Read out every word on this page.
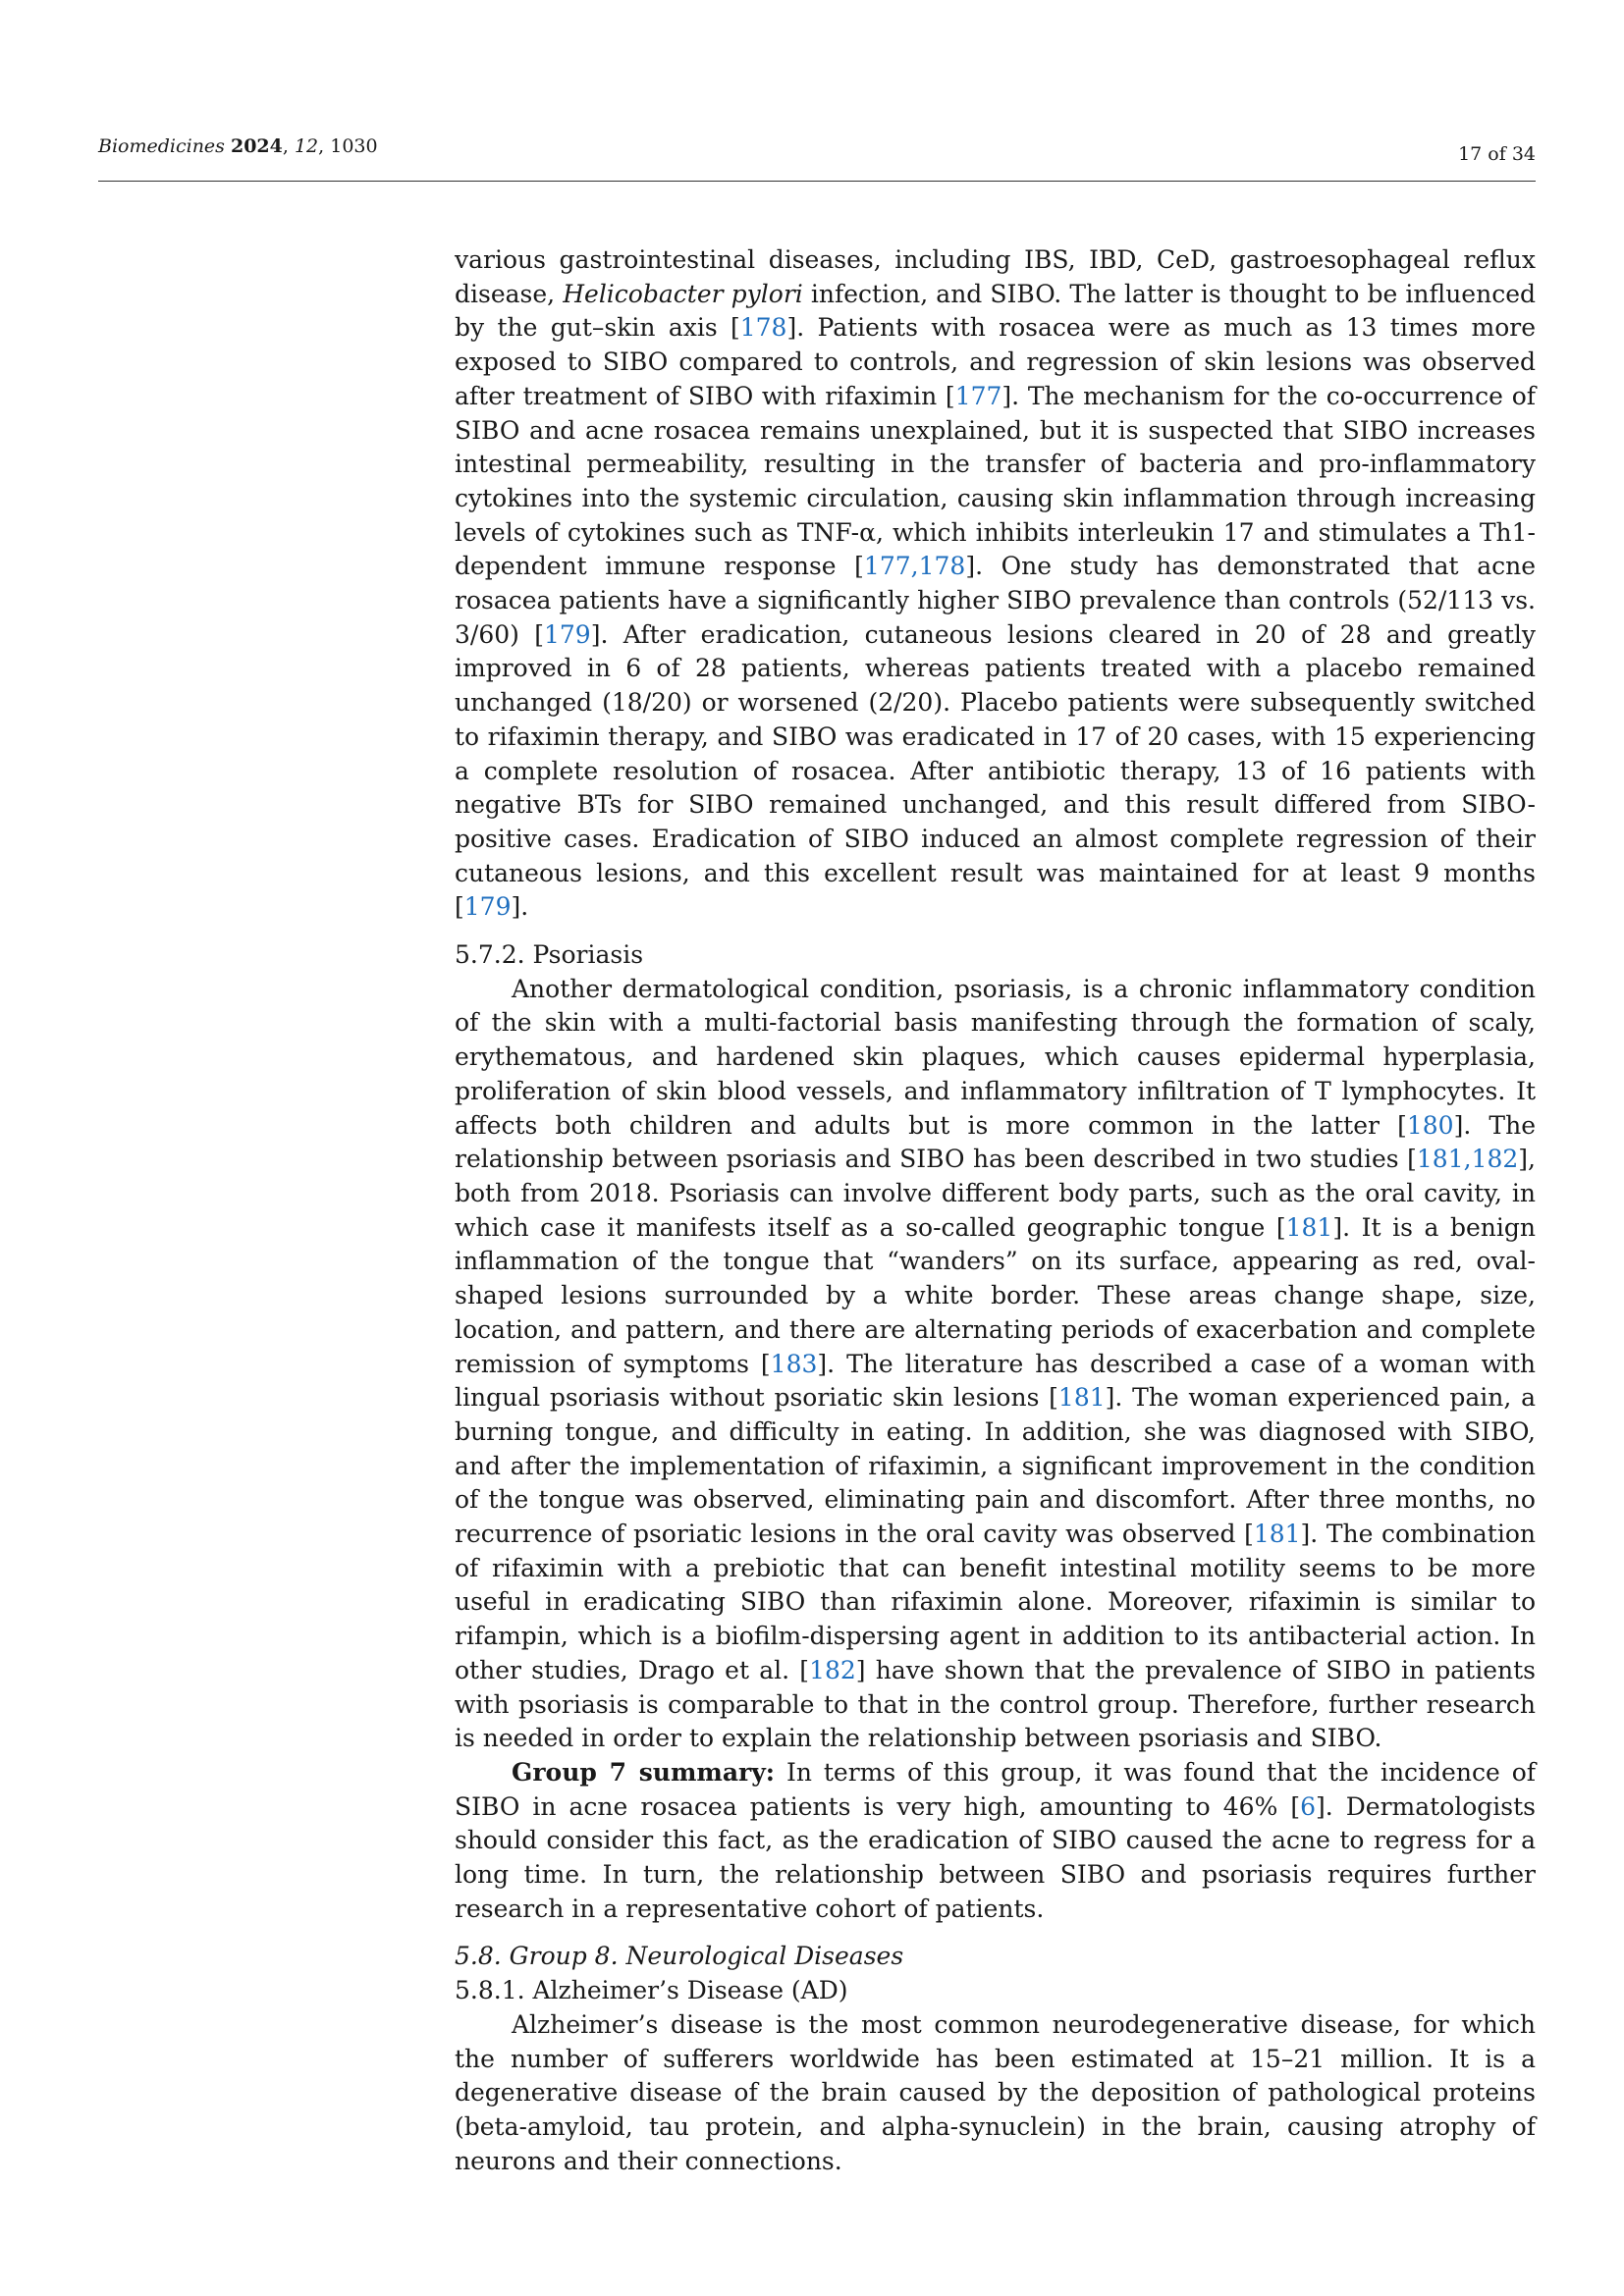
Biomedicines 2024, 12, 1030	17 of 34

various gastrointestinal diseases, including IBS, IBD, CeD, gastroesophageal reflux disease, Helicobacter pylori infection, and SIBO. The latter is thought to be influenced by the gut–skin axis [178]. Patients with rosacea were as much as 13 times more exposed to SIBO compared to controls, and regression of skin lesions was observed after treatment of SIBO with rifaximin [177]. The mechanism for the co-occurrence of SIBO and acne rosacea remains unexplained, but it is suspected that SIBO increases intestinal permeability, resulting in the transfer of bacteria and pro-inflammatory cytokines into the systemic circulation, causing skin inflammation through increasing levels of cytokines such as TNF-α, which inhibits interleukin 17 and stimulates a Th1-dependent immune response [177,178]. One study has demonstrated that acne rosacea patients have a significantly higher SIBO prevalence than controls (52/113 vs. 3/60) [179]. After eradication, cutaneous lesions cleared in 20 of 28 and greatly improved in 6 of 28 patients, whereas patients treated with a placebo remained unchanged (18/20) or worsened (2/20). Placebo patients were subsequently switched to rifaximin therapy, and SIBO was eradicated in 17 of 20 cases, with 15 experiencing a complete resolution of rosacea. After antibiotic therapy, 13 of 16 patients with negative BTs for SIBO remained unchanged, and this result differed from SIBO-positive cases. Eradication of SIBO induced an almost complete regression of their cutaneous lesions, and this excellent result was maintained for at least 9 months [179].

5.7.2. Psoriasis

Another dermatological condition, psoriasis, is a chronic inflammatory condition of the skin with a multi-factorial basis manifesting through the formation of scaly, erythematous, and hardened skin plaques, which causes epidermal hyperplasia, proliferation of skin blood vessels, and inflammatory infiltration of T lymphocytes. It affects both children and adults but is more common in the latter [180]. The relationship between psoriasis and SIBO has been described in two studies [181,182], both from 2018. Psoriasis can involve different body parts, such as the oral cavity, in which case it manifests itself as a so-called geographic tongue [181]. It is a benign inflammation of the tongue that “wanders” on its surface, appearing as red, oval-shaped lesions surrounded by a white border. These areas change shape, size, location, and pattern, and there are alternating periods of exacerbation and complete remission of symptoms [183]. The literature has described a case of a woman with lingual psoriasis without psoriatic skin lesions [181]. The woman experienced pain, a burning tongue, and difficulty in eating. In addition, she was diagnosed with SIBO, and after the implementation of rifaximin, a significant improvement in the condition of the tongue was observed, eliminating pain and discomfort. After three months, no recurrence of psoriatic lesions in the oral cavity was observed [181]. The combination of rifaximin with a prebiotic that can benefit intestinal motility seems to be more useful in eradicating SIBO than rifaximin alone. Moreover, rifaximin is similar to rifampin, which is a biofilm-dispersing agent in addition to its antibacterial action. In other studies, Drago et al. [182] have shown that the prevalence of SIBO in patients with psoriasis is comparable to that in the control group. Therefore, further research is needed in order to explain the relationship between psoriasis and SIBO.

Group 7 summary: In terms of this group, it was found that the incidence of SIBO in acne rosacea patients is very high, amounting to 46% [6]. Dermatologists should consider this fact, as the eradication of SIBO caused the acne to regress for a long time. In turn, the relationship between SIBO and psoriasis requires further research in a representative cohort of patients.

5.8. Group 8. Neurological Diseases

5.8.1. Alzheimer’s Disease (AD)

Alzheimer’s disease is the most common neurodegenerative disease, for which the number of sufferers worldwide has been estimated at 15–21 million. It is a degenerative disease of the brain caused by the deposition of pathological proteins (beta-amyloid, tau protein, and alpha-synuclein) in the brain, causing atrophy of neurons and their connections.
